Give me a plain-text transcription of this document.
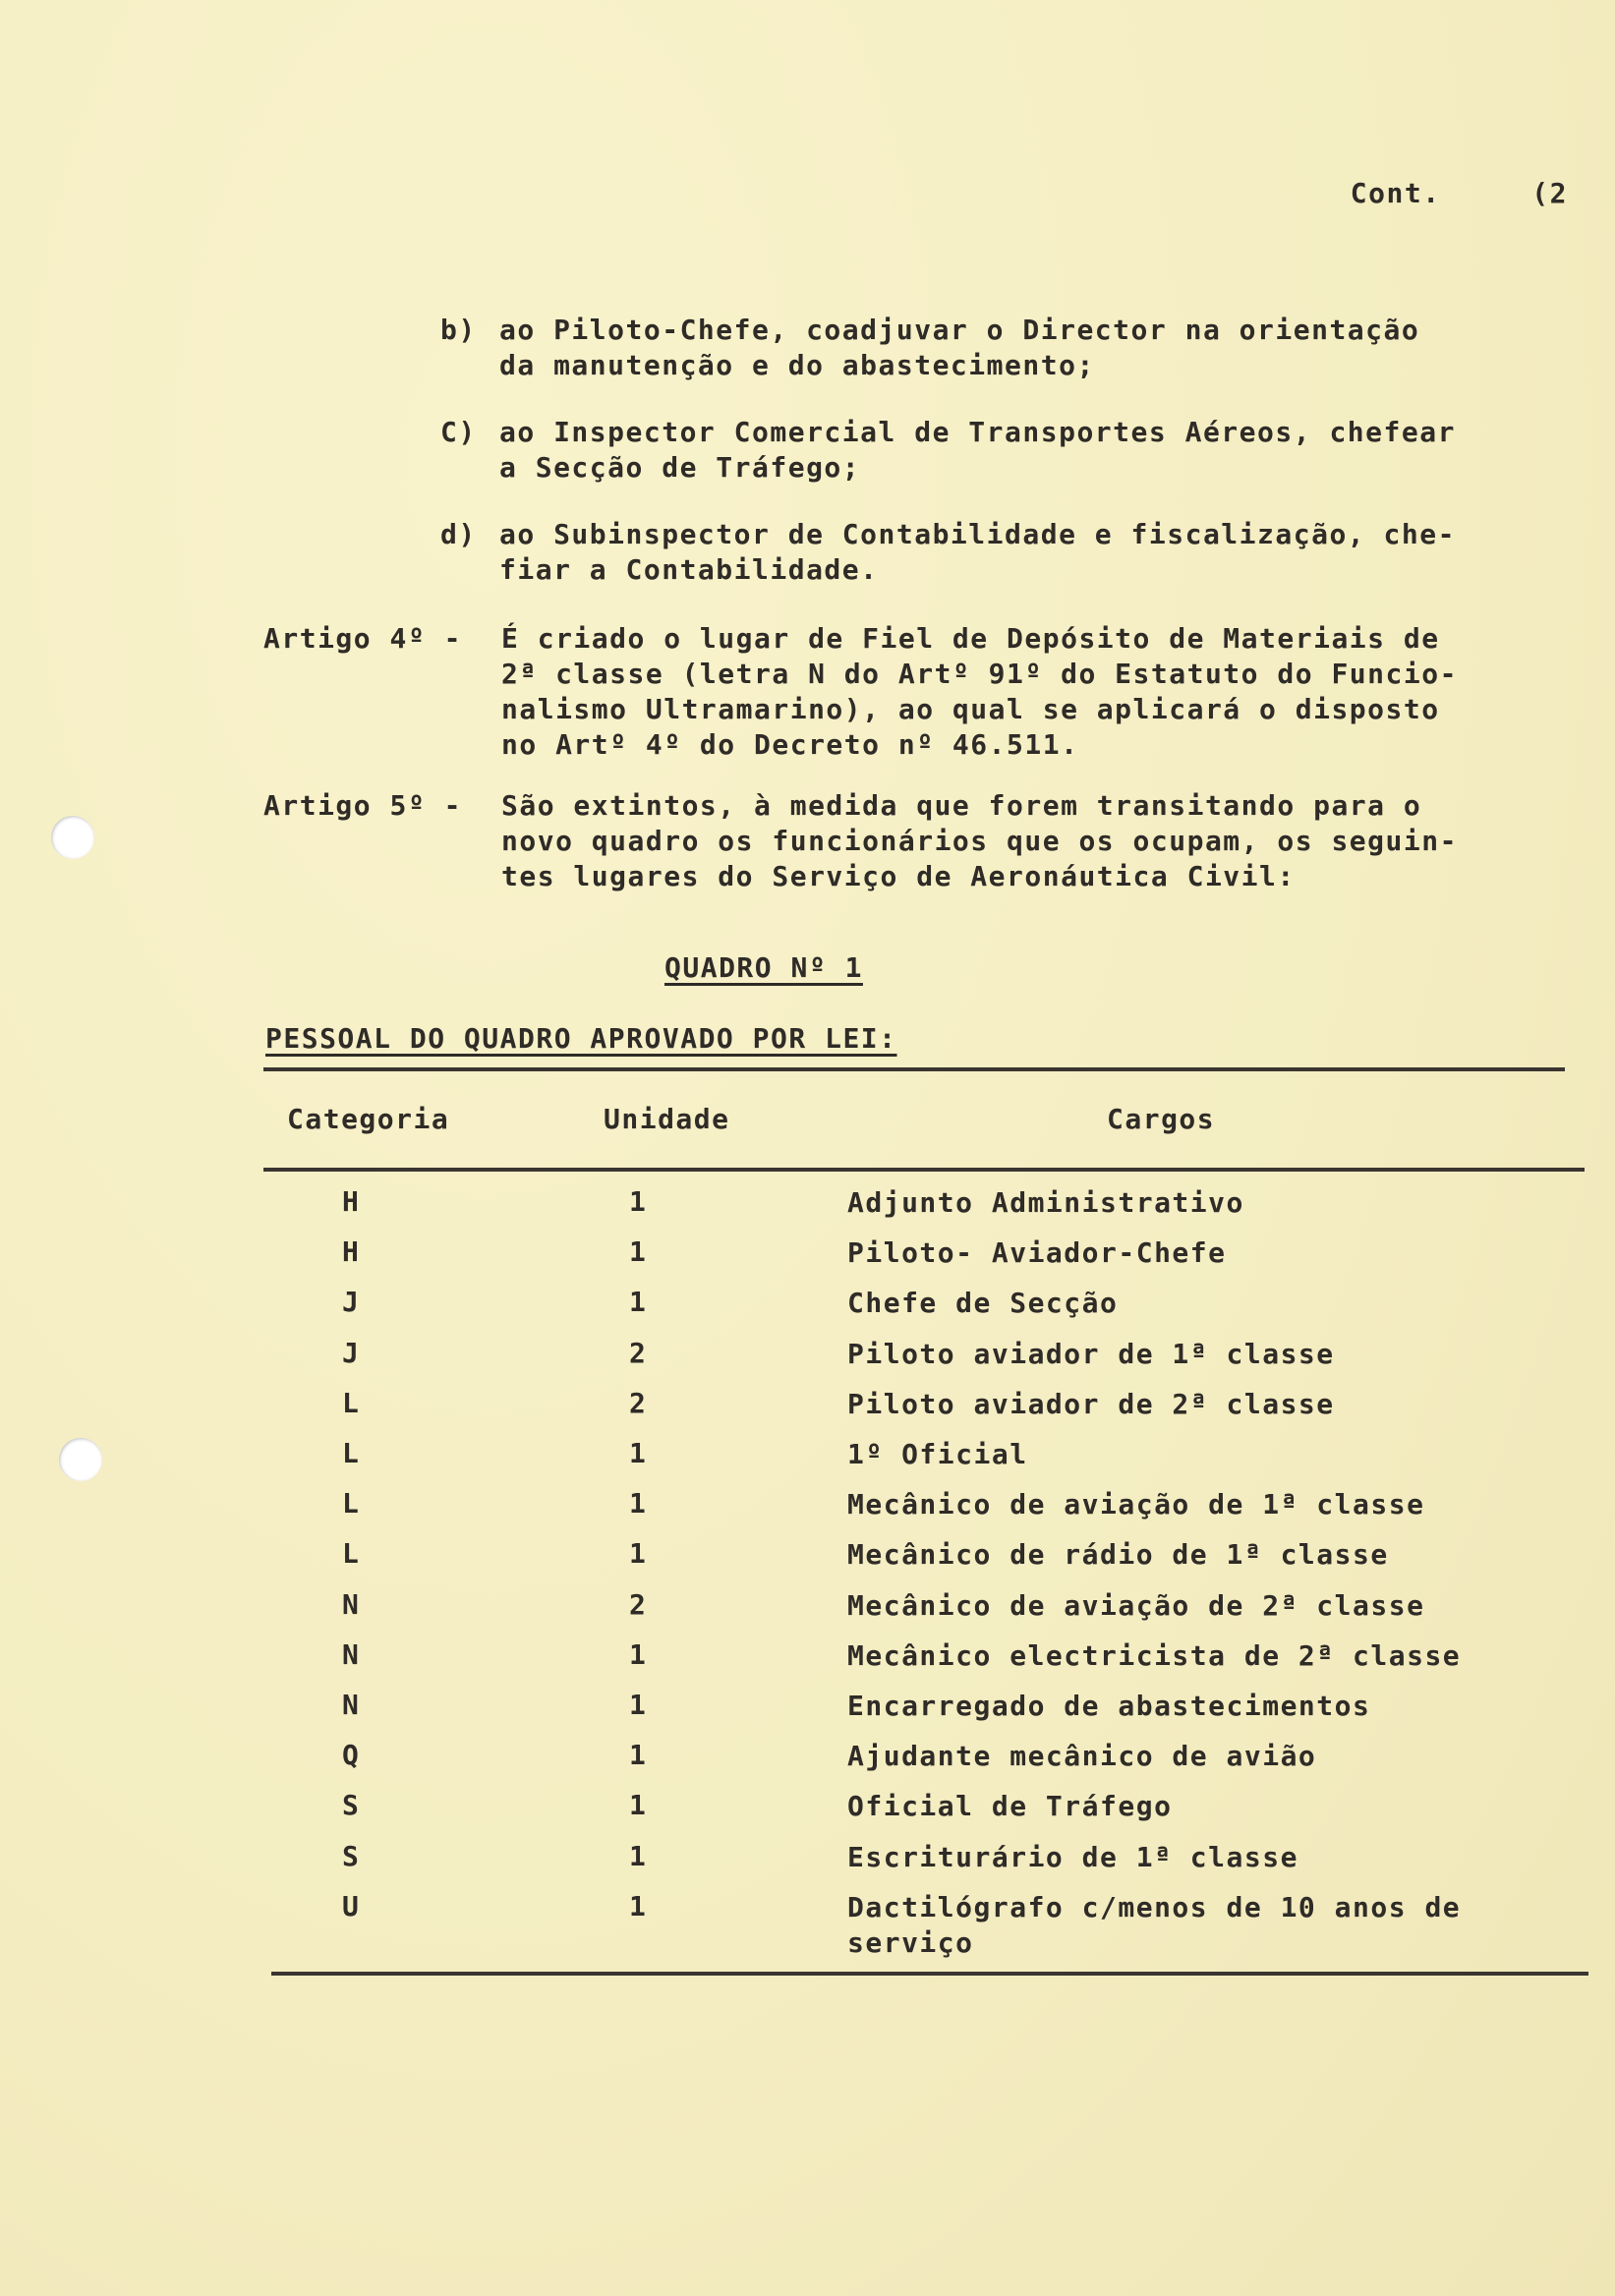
Cont.	(2
b) ao Piloto-Chefe, coadjuvar o Director na orientação
da manutenção e do abastecimento;
C) ao Inspector Comercial de Transportes Aéreos, chefear
a Secção de Tráfego;
d) ao Subinspector de Contabilidade e fiscalização, che-
fiar a Contabilidade.
Artigo 4º - É criado o lugar de Fiel de Depósito de Materiais de
2ª classe (letra N do Artº 91º do Estatuto do Funcio-
nalismo Ultramarino), ao qual se aplicará o disposto
no Artº 4º do Decreto nº 46.511.
Artigo 5º - São extintos, à medida que forem transitando para o
novo quadro os funcionários que os ocupam, os seguin-
tes lugares do Serviço de Aeronáutica Civil:
QUADRO Nº 1
PESSOAL DO QUADRO APROVADO POR LEI:
Categoria	Unidade	Cargos
H	1	Adjunto Administrativo
H	1	Piloto- Aviador-Chefe
J	1	Chefe de Secção
J	2	Piloto aviador de 1ª classe
L	2	Piloto aviador de 2ª classe
L	1	1º Oficial
L	1	Mecânico de aviação de 1ª classe
L	1	Mecânico de rádio de 1ª classe
N	2	Mecânico de aviação de 2ª classe
N	1	Mecânico electricista de 2ª classe
N	1	Encarregado de abastecimentos
Q	1	Ajudante mecânico de avião
S	1	Oficial de Tráfego
S	1	Escriturário de 1ª classe
U	1	Dactilógrafo c/menos de 10 anos de
serviço
